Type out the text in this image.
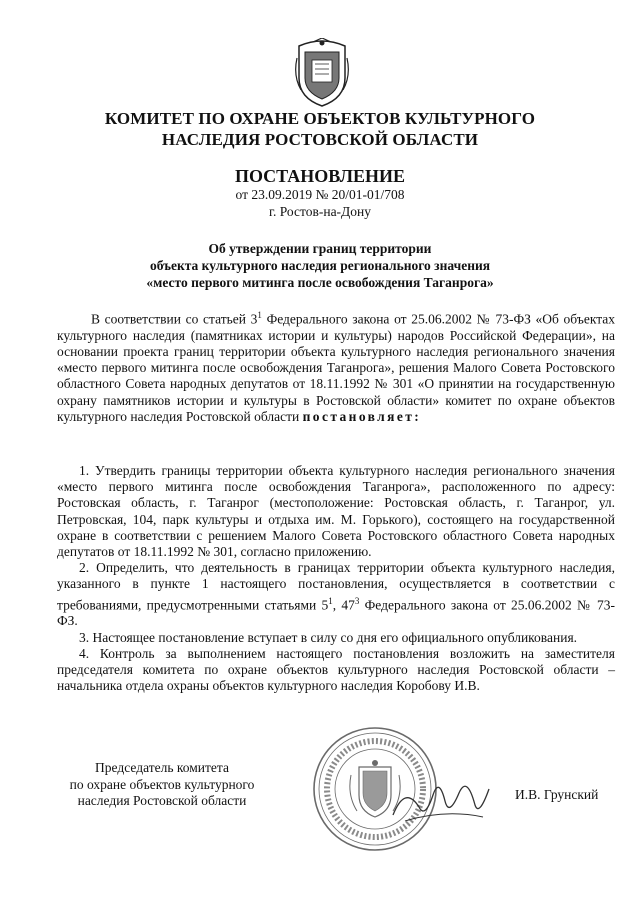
КОМИТЕТ ПО ОХРАНЕ ОБЪЕКТОВ КУЛЬТУРНОГО
НАСЛЕДИЯ РОСТОВСКОЙ ОБЛАСТИ
ПОСТАНОВЛЕНИЕ
от 23.09.2019 № 20/01-01/708
г. Ростов-на-Дону
Об утверждении границ территории
объекта культурного наследия регионального значения
«место первого митинга после освобождения Таганрога»
В соответствии со статьей $3^1$ Федерального закона от 25.06.2002 № 73-ФЗ «Об объектах культурного наследия (памятниках истории и культуры) народов Российской Федерации», на основании проекта границ территории объекта культурного наследия регионального значения «место первого митинга после освобождения Таганрога», решения Малого Совета Ростовского областного Совета народных депутатов от 18.11.1992 № 301 «О принятии на государственную охрану памятников истории и культуры в Ростовской области» комитет по охране объектов культурного наследия Ростовской области постановляет:

1. Утвердить границы территории объекта культурного наследия регионального значения «место первого митинга после освобождения Таганрога», расположенного по адресу: Ростовская область, г. Таганрог (местоположение: Ростовская область, г. Таганрог, ул. Петровская, 104, парк культуры и отдыха им. М. Горького), состоящего на государственной охране в соответствии с решением Малого Совета Ростовского областного Совета народных депутатов от 18.11.1992 № 301, согласно приложению.

2. Определить, что деятельность в границах территории объекта культурного наследия, указанного в пункте 1 настоящего постановления, осуществляется в соответствии с требованиями, предусмотренными статьями $5^1$, $47^3$ Федерального закона от 25.06.2002 № 73-ФЗ.

3. Настоящее постановление вступает в силу со дня его официального опубликования.

4. Контроль за выполнением настоящего постановления возложить на заместителя председателя комитета по охране объектов культурного наследия Ростовской области – начальника отдела охраны объектов культурного наследия Коробову И.В.

Председатель комитета
по охране объектов культурного
наследия Ростовской области	И.В. Грунский
